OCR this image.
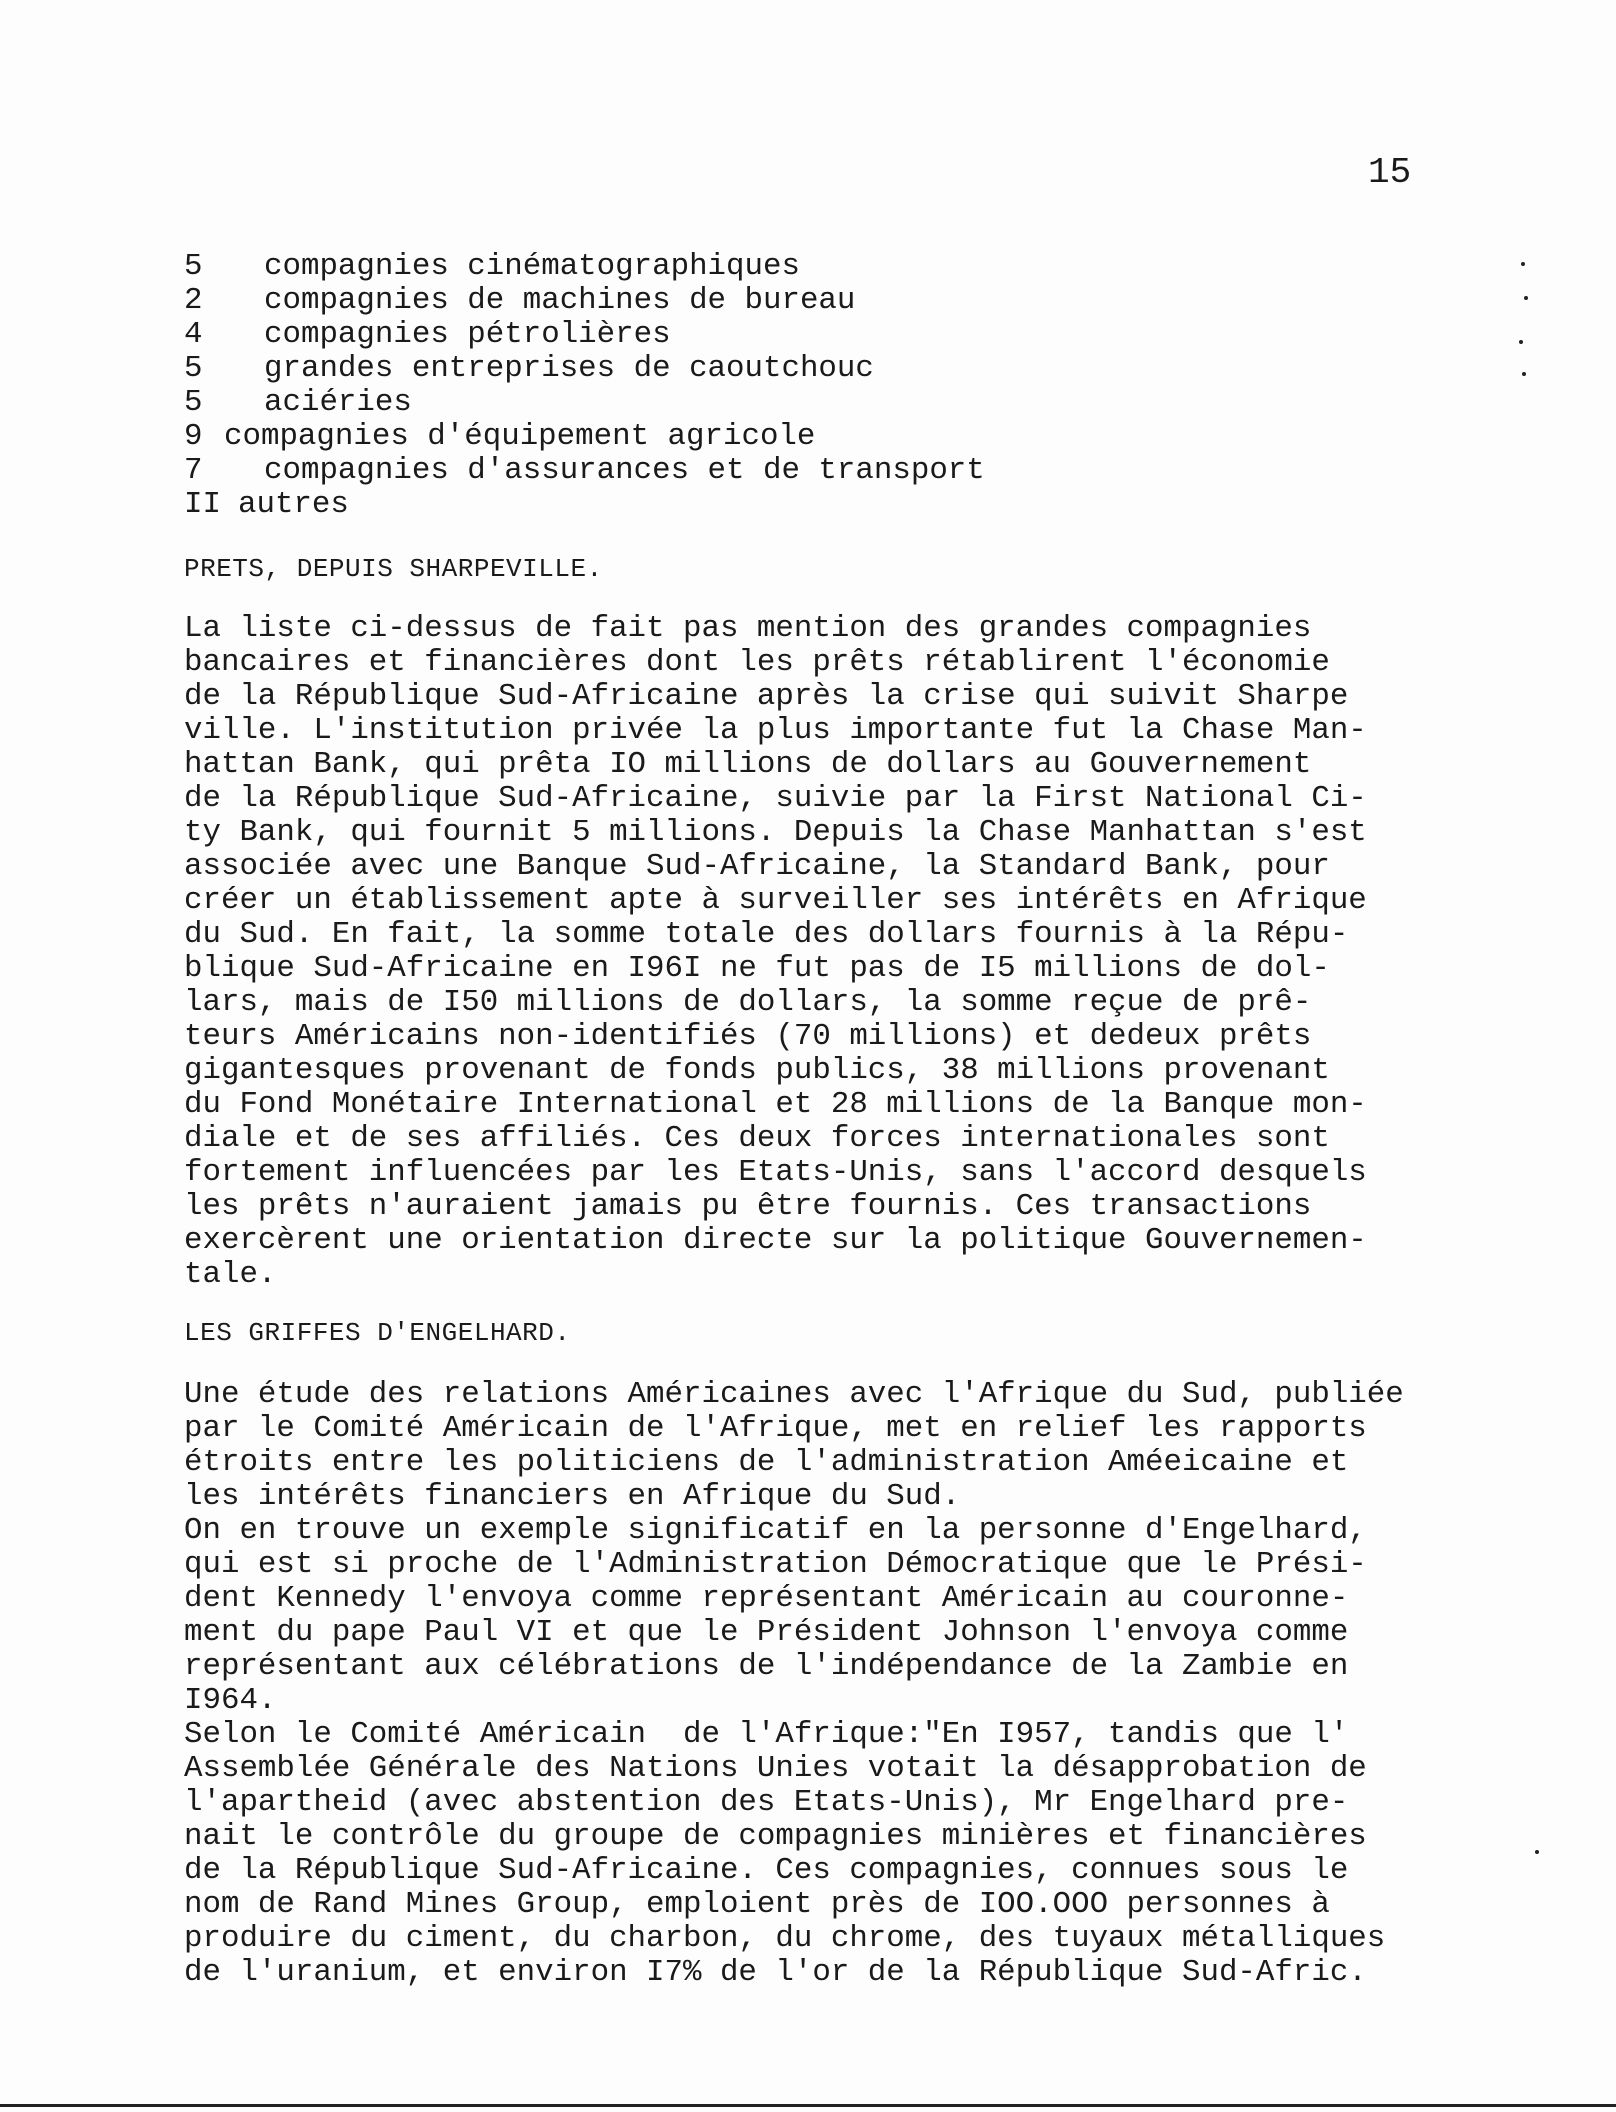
15
5	compagnies cinématographiques
2	compagnies de machines de bureau
4	compagnies pétrolières
5	grandes entreprises de caoutchouc
5	aciéries
9 compagnies d'équipement agricole
7	compagnies d'assurances et de transport
II autres
PRETS, DEPUIS SHARPEVILLE.
La liste ci-dessus de fait pas mention des grandes compagnies
bancaires et financières dont les prêts rétablirent l'économie
de la République Sud-Africaine après la crise qui suivit Sharpe
ville. L'institution privée la plus importante fut la Chase Man-
hattan Bank, qui prêta IO millions de dollars au Gouvernement
de la République Sud-Africaine, suivie par la First National Ci-
ty Bank, qui fournit 5 millions. Depuis la Chase Manhattan s'est
associée avec une Banque Sud-Africaine, la Standard Bank, pour
créer un établissement apte à surveiller ses intérêts en Afrique
du Sud. En fait, la somme totale des dollars fournis à la Répu-
blique Sud-Africaine en I96I ne fut pas de I5 millions de dol-
lars, mais de I50 millions de dollars, la somme reçue de prê-
teurs Américains non-identifiés (70 millions) et dedeux prêts
gigantesques provenant de fonds publics, 38 millions provenant
du Fond Monétaire International et 28 millions de la Banque mon-
diale et de ses affiliés. Ces deux forces internationales sont
fortement influencées par les Etats-Unis, sans l'accord desquels
les prêts n'auraient jamais pu être fournis. Ces transactions
exercèrent une orientation directe sur la politique Gouvernemen-
tale.
LES GRIFFES D'ENGELHARD.
Une étude des relations Américaines avec l'Afrique du Sud, publiée
par le Comité Américain de l'Afrique, met en relief les rapports
étroits entre les politiciens de l'administration Améeicaine et
les intérêts financiers en Afrique du Sud.
On en trouve un exemple significatif en la personne d'Engelhard,
qui est si proche de l'Administration Démocratique que le Prési-
dent Kennedy l'envoya comme représentant Américain au couronne-
ment du pape Paul VI et que le Président Johnson l'envoya comme
représentant aux célébrations de l'indépendance de la Zambie en
I964.
Selon le Comité Américain  de l'Afrique:"En I957, tandis que l'
Assemblée Générale des Nations Unies votait la désapprobation de
l'apartheid (avec abstention des Etats-Unis), Mr Engelhard pre-
nait le contrôle du groupe de compagnies minières et financières
de la République Sud-Africaine. Ces compagnies, connues sous le
nom de Rand Mines Group, emploient près de IOO.OOO personnes à
produire du ciment, du charbon, du chrome, des tuyaux métalliques
de l'uranium, et environ I7% de l'or de la République Sud-Afric.
